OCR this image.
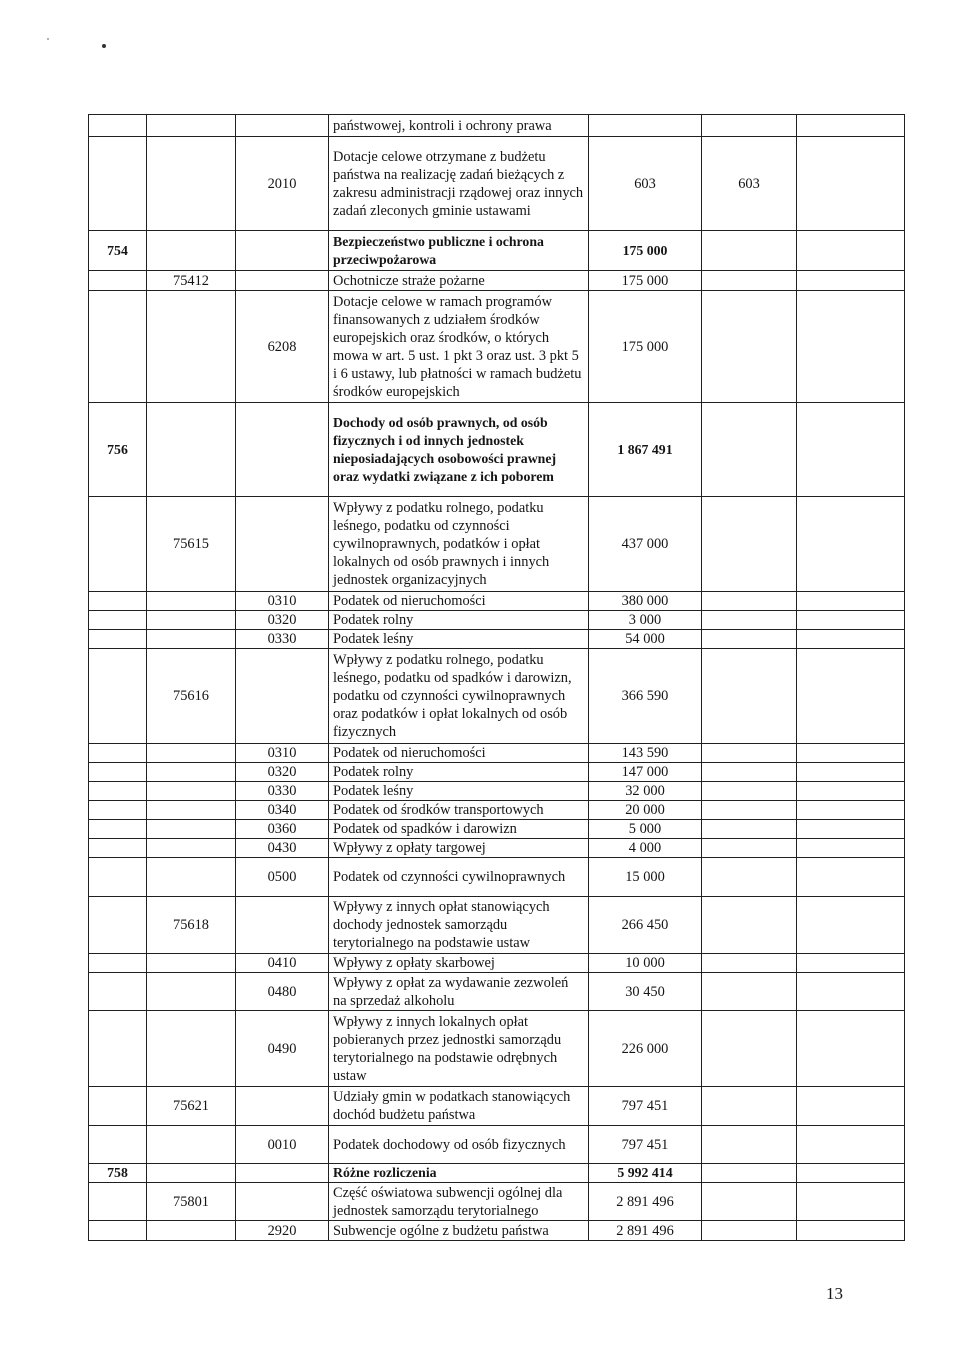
			państwowej, kontroli i ochrony prawa			
		2010	Dotacje celowe otrzymane z budżetu państwa na realizację zadań bieżących z zakresu administracji rządowej oraz innych zadań zleconych gminie ustawami	603	603	
754			Bezpieczeństwo publiczne i ochrona przeciwpożarowa	175 000		
	75412		Ochotnicze straże pożarne	175 000		
		6208	Dotacje celowe w ramach programów finansowanych z udziałem środków europejskich oraz środków, o których mowa w art. 5 ust. 1 pkt 3 oraz ust. 3 pkt 5 i 6 ustawy, lub płatności w ramach budżetu środków europejskich	175 000		
756			Dochody od osób prawnych, od osób fizycznych i od innych jednostek nieposiadających osobowości prawnej oraz wydatki związane z ich poborem	1 867 491		
	75615		Wpływy z podatku rolnego, podatku leśnego, podatku od czynności cywilnoprawnych, podatków i opłat lokalnych od osób prawnych i innych jednostek organizacyjnych	437 000		
		0310	Podatek od nieruchomości	380 000		
		0320	Podatek rolny	3 000		
		0330	Podatek leśny	54 000		
	75616		Wpływy z podatku rolnego, podatku leśnego, podatku od spadków i darowizn, podatku od czynności cywilnoprawnych oraz podatków i opłat lokalnych od osób fizycznych	366 590		
		0310	Podatek od nieruchomości	143 590		
		0320	Podatek rolny	147 000		
		0330	Podatek leśny	32 000		
		0340	Podatek od środków transportowych	20 000		
		0360	Podatek od spadków i darowizn	5 000		
		0430	Wpływy z opłaty targowej	4 000		
		0500	Podatek od czynności cywilnoprawnych	15 000		
	75618		Wpływy z innych opłat stanowiących dochody jednostek samorządu terytorialnego na podstawie ustaw	266 450		
		0410	Wpływy z opłaty skarbowej	10 000		
		0480	Wpływy z opłat za wydawanie zezwoleń na sprzedaż alkoholu	30 450		
		0490	Wpływy z innych lokalnych opłat pobieranych przez jednostki samorządu terytorialnego na podstawie odrębnych ustaw	226 000		
	75621		Udziały gmin w podatkach stanowiących dochód budżetu państwa	797 451		
		0010	Podatek dochodowy od osób fizycznych	797 451		
758			Różne rozliczenia	5 992 414		
	75801		Część oświatowa subwencji ogólnej dla jednostek samorządu terytorialnego	2 891 496		
		2920	Subwencje ogólne z budżetu państwa	2 891 496		
13
